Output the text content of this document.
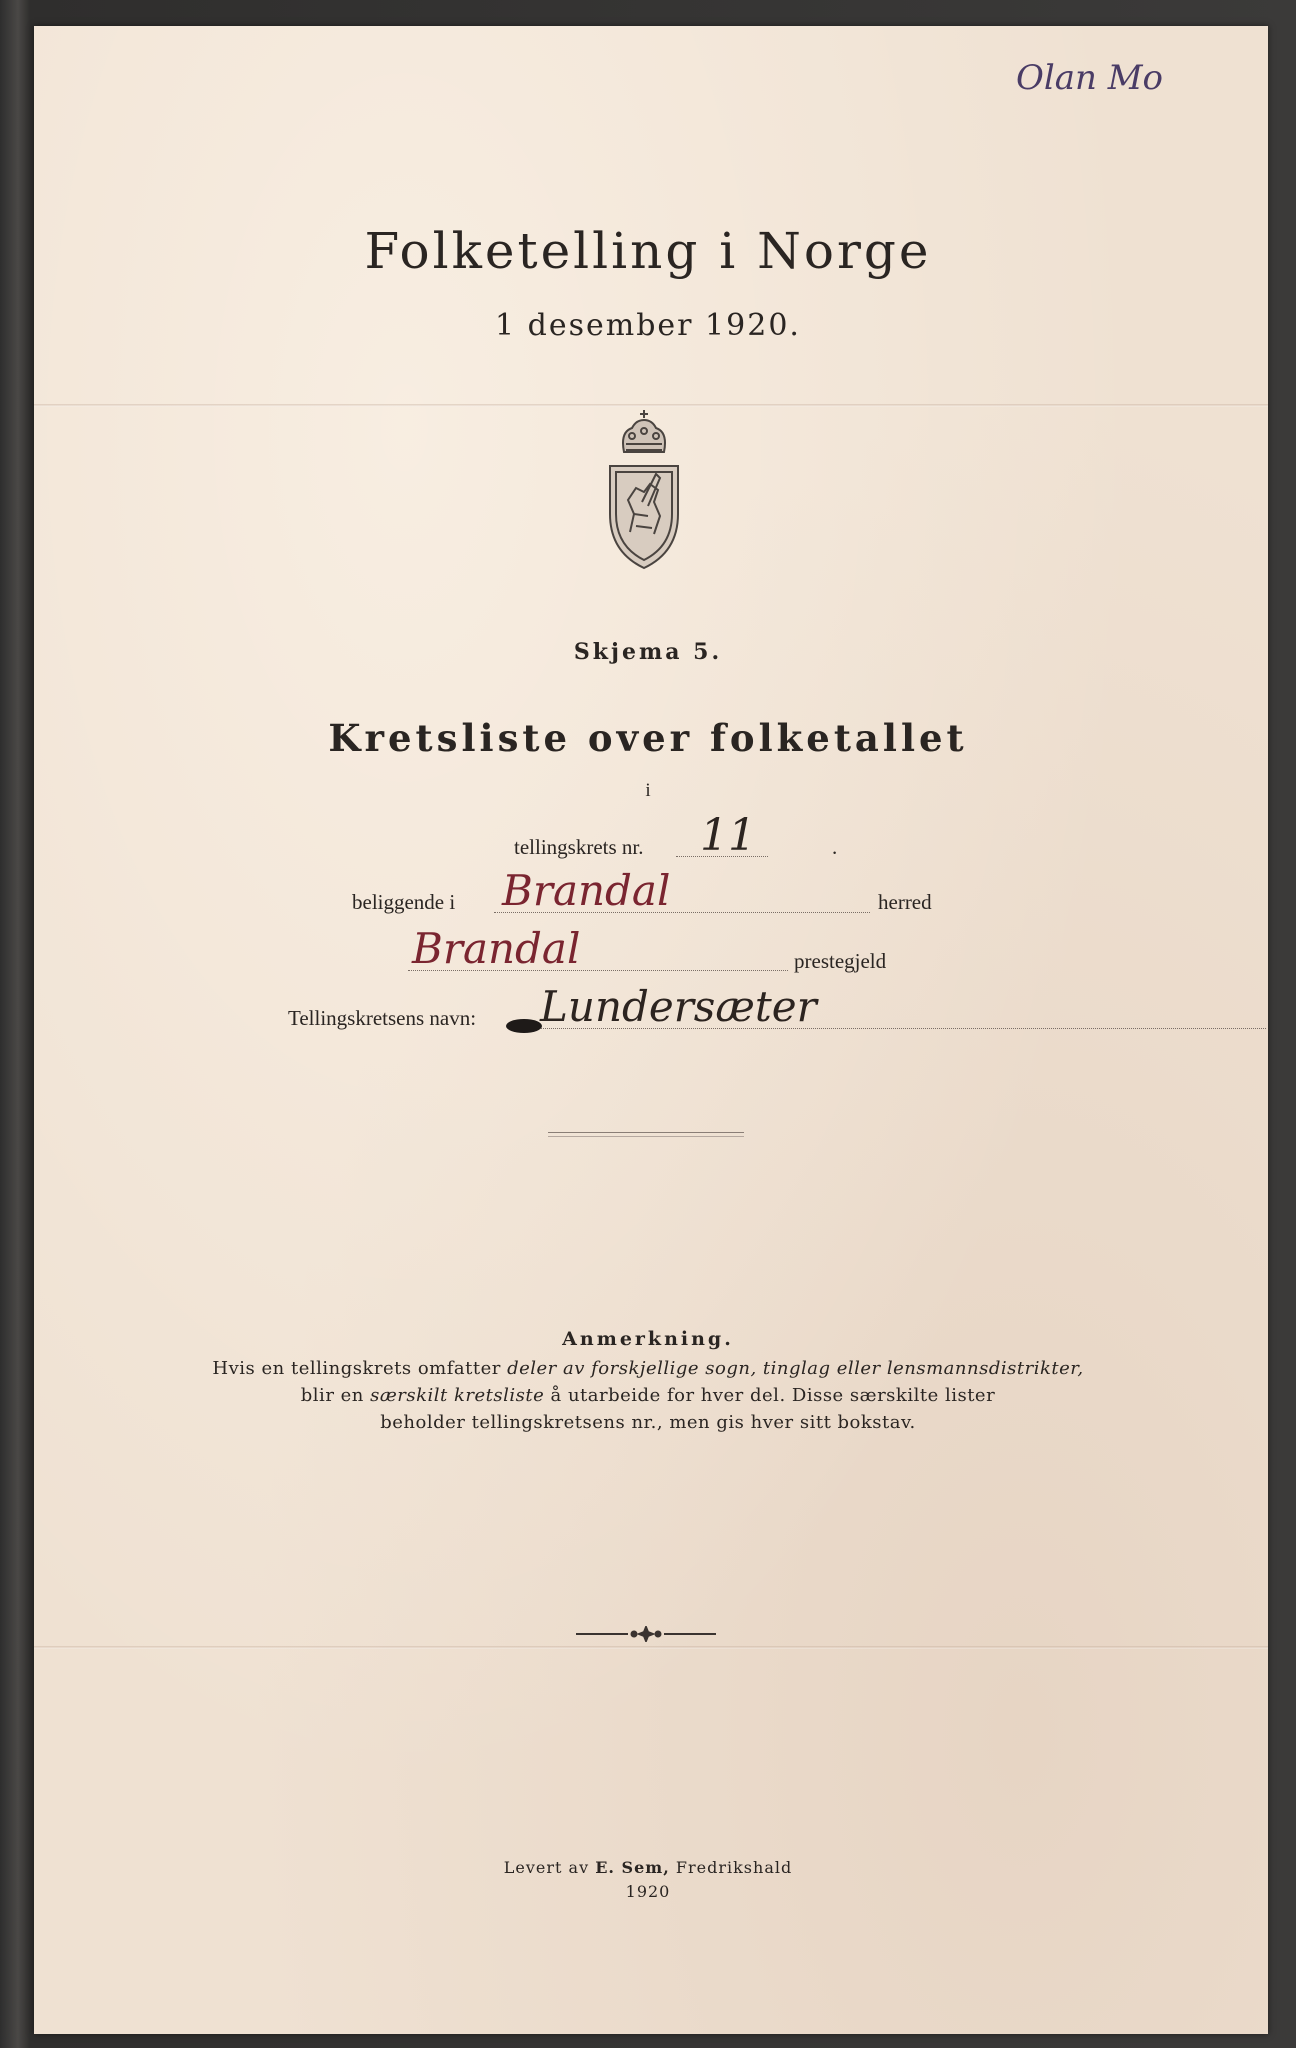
Olan Mo
Folketelling i Norge
1 desember 1920.
Skjema 5.
Kretsliste over folketallet
i
tellingskrets nr. 11	.
beliggende i Brandal	herred
Brandal	prestegjeld
Tellingskretsens navn: Lundersæter
Anmerkning.
Hvis en tellingskrets omfatter deler av forskjellige sogn, tinglag eller lensmannsdistrikter,
blir en særskilt kretsliste å utarbeide for hver del. Disse særskilte lister
beholder tellingskretsens nr., men gis hver sitt bokstav.
Levert av E. Sem, Fredrikshald
1920
